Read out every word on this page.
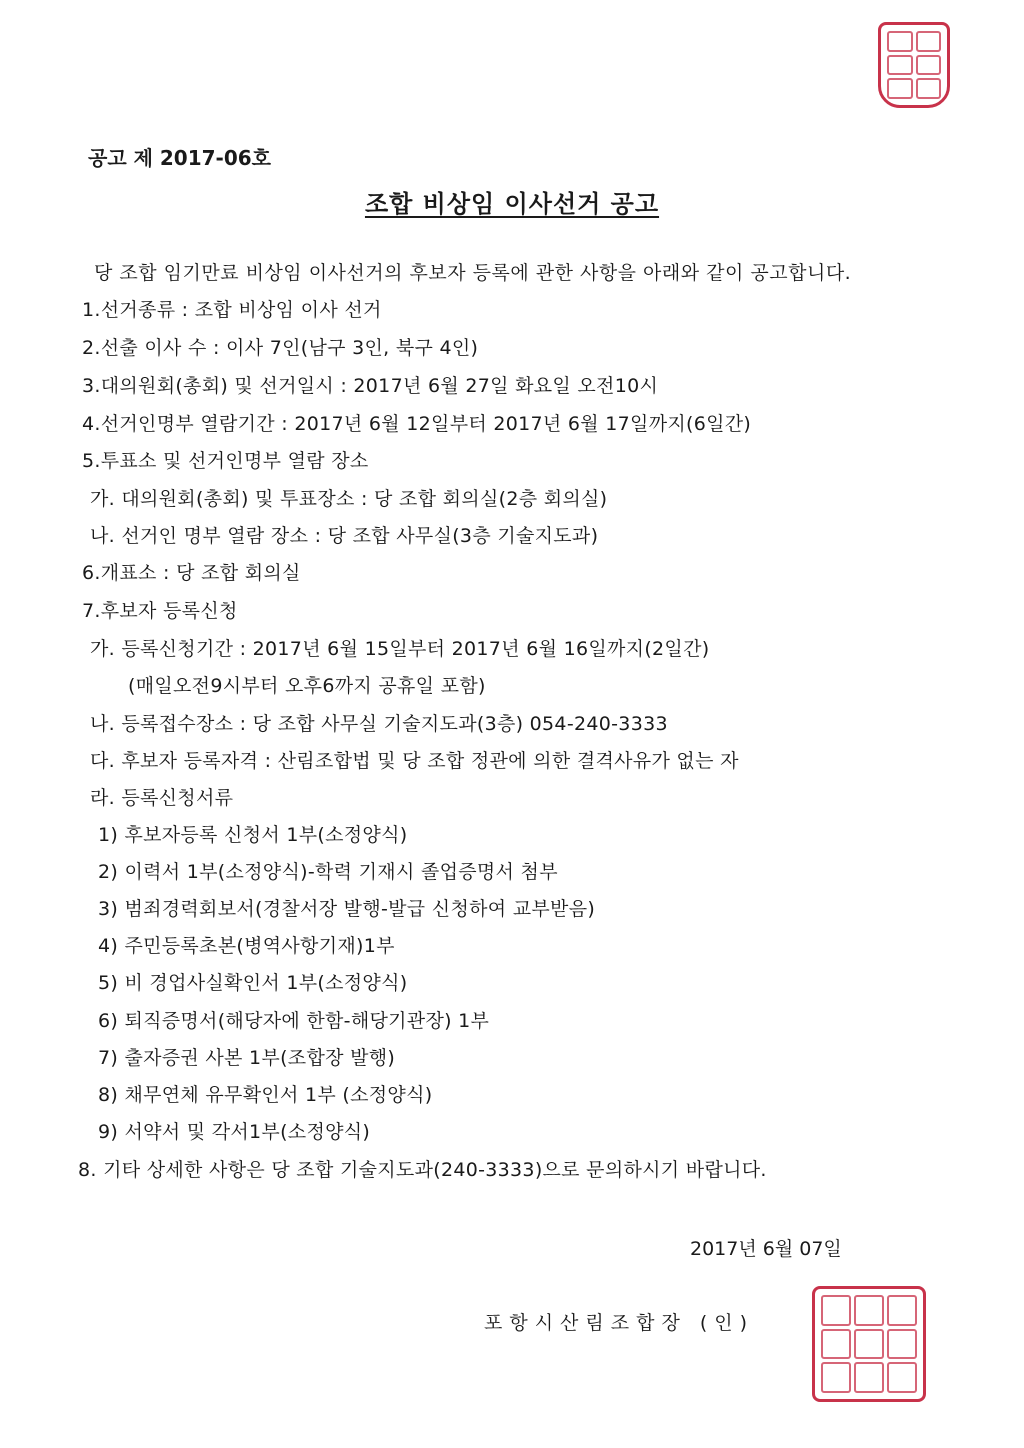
공고 제 2017-06호
조합 비상임 이사선거 공고
당 조합 임기만료 비상임 이사선거의 후보자 등록에 관한 사항을 아래와 같이 공고합니다.
1.선거종류 : 조합 비상임 이사 선거
2.선출 이사 수 : 이사 7인(남구 3인, 북구 4인)
3.대의원회(총회) 및 선거일시 : 2017년 6월 27일 화요일 오전10시
4.선거인명부 열람기간 : 2017년 6월 12일부터 2017년 6월 17일까지(6일간)
5.투표소 및 선거인명부 열람 장소
가. 대의원회(총회) 및 투표장소 : 당 조합 회의실(2층 회의실)
나. 선거인 명부 열람 장소 : 당 조합 사무실(3층 기술지도과)
6.개표소 : 당 조합 회의실
7.후보자 등록신청
가. 등록신청기간 : 2017년 6월 15일부터 2017년 6월 16일까지(2일간)
(매일오전9시부터 오후6까지 공휴일 포함)
나. 등록접수장소 : 당 조합 사무실 기술지도과(3층) 054-240-3333
다. 후보자 등록자격 : 산림조합법 및 당 조합 정관에 의한 결격사유가 없는 자
라. 등록신청서류
1) 후보자등록 신청서 1부(소정양식)
2) 이력서 1부(소정양식)-학력 기재시 졸업증명서 첨부
3) 범죄경력회보서(경찰서장 발행-발급 신청하여 교부받음)
4) 주민등록초본(병역사항기재)1부
5) 비 경업사실확인서 1부(소정양식)
6) 퇴직증명서(해당자에 한함-해당기관장) 1부
7) 출자증권 사본 1부(조합장 발행)
8) 채무연체 유무확인서 1부 (소정양식)
9) 서약서 및 각서1부(소정양식)
8. 기타 상세한 사항은 당 조합 기술지도과(240-3333)으로 문의하시기 바랍니다.
2017년 6월 07일
포항시산림조합장 (인)
